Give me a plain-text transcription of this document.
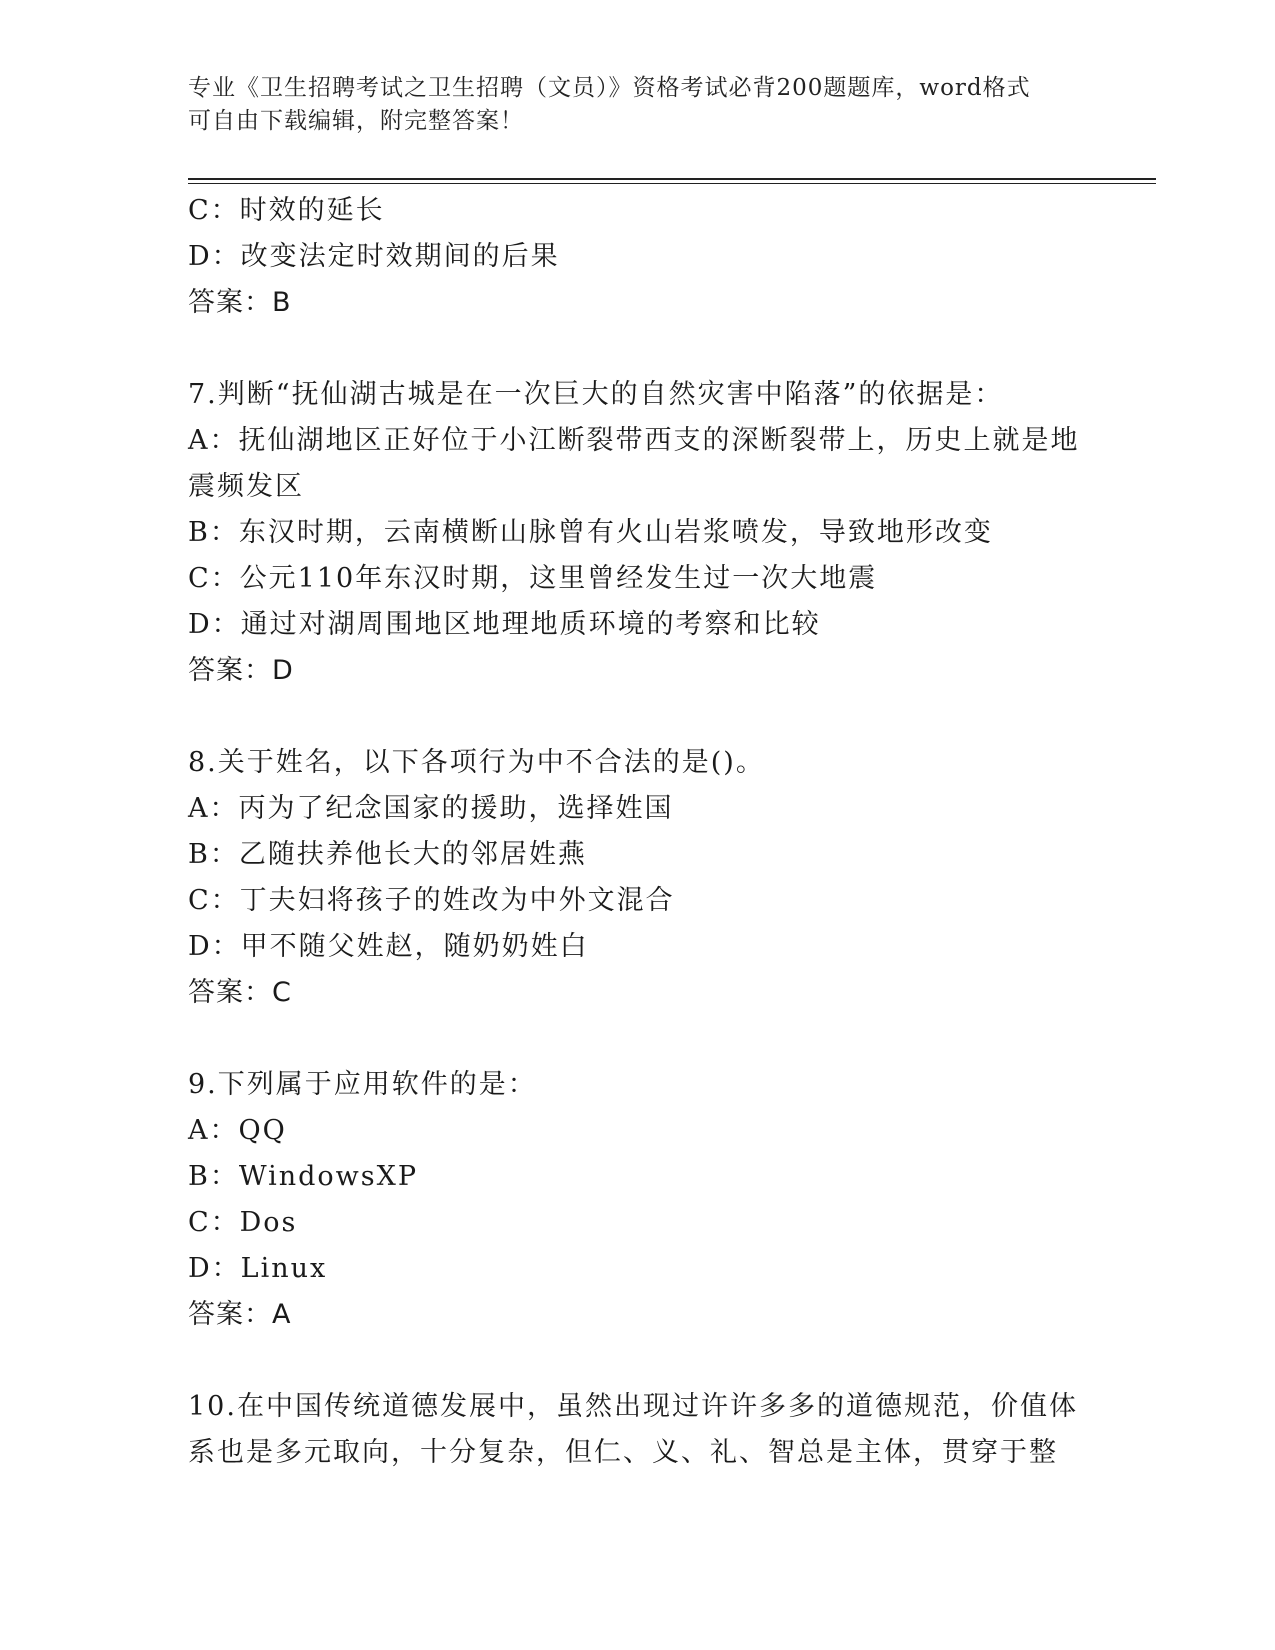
专业《卫生招聘考试之卫生招聘（文员）》资格考试必背200题题库，word格式
可自由下载编辑，附完整答案！
C：时效的延长
D：改变法定时效期间的后果
答案：B
7.判断“抚仙湖古城是在一次巨大的自然灾害中陷落”的依据是：
A：抚仙湖地区正好位于小江断裂带西支的深断裂带上，历史上就是地
震频发区
B：东汉时期，云南横断山脉曾有火山岩浆喷发，导致地形改变
C：公元110年东汉时期，这里曾经发生过一次大地震
D：通过对湖周围地区地理地质环境的考察和比较
答案：D
8.关于姓名，以下各项行为中不合法的是()。
A：丙为了纪念国家的援助，选择姓国
B：乙随扶养他长大的邻居姓燕
C：丁夫妇将孩子的姓改为中外文混合
D：甲不随父姓赵，随奶奶姓白
答案：C
9.下列属于应用软件的是：
A：QQ
B：WindowsXP
C：Dos
D：Linux
答案：A
10.在中国传统道德发展中，虽然出现过许许多多的道德规范，价值体
系也是多元取向，十分复杂，但仁、义、礼、智总是主体，贯穿于整
